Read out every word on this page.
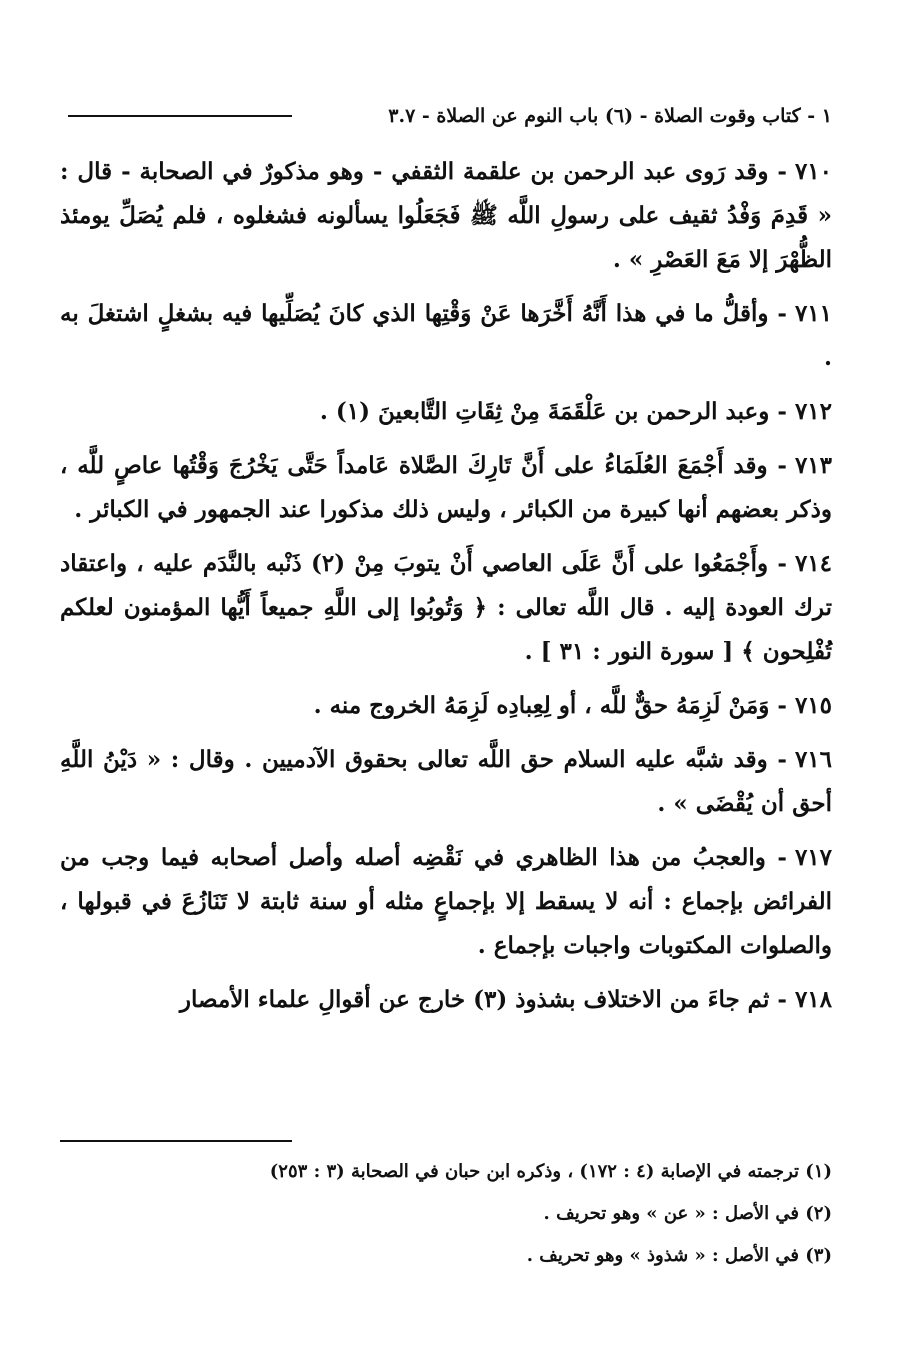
١ - كتاب وقوت الصلاة - (٦) باب النوم عن الصلاة - ٣.٧

٧١٠- وقد رَوى عبد الرحمن بن علقمة الثقفي - وهو مذكورٌ في الصحابة - قال : « قَدِمَ وَفْدُ ثقيف على رسولِ اللَّه ﷺ فَجَعَلُوا يسألونه فشغلوه ، فلم يُصَلِّ يومئذ الظُّهْرَ إلا مَعَ العَصْرِ » .

٧١١- وأقلُّ ما في هذا أَنَّهُ أَخَّرَها عَنْ وَقْتِها الذي كانَ يُصَلِّيها فيه بشغلٍ اشتغلَ به .

٧١٢- وعبد الرحمن بن عَلْقَمَةَ مِنْ ثِقَاتِ التَّابعينَ (١) .

٧١٣- وقد أَجْمَعَ العُلَمَاءُ على أَنَّ تَارِكَ الصَّلاة عَامداً حَتَّى يَخْرُجَ وَقْتُها عاصٍ للَّه ، وذكر بعضهم أنها كبيرة من الكبائر ، وليس ذلك مذكورا عند الجمهور في الكبائر .

٧١٤- وأَجْمَعُوا على أَنَّ عَلَى العاصي أَنْ يتوبَ مِنْ (٢) ذَنْبه بالنَّدَم عليه ، واعتقاد ترك العودة إليه . قال اللَّه تعالى : ﴿ وَتُوبُوا إلى اللَّهِ جميعاً أَيُّها المؤمنون لعلكم تُفْلِحون ﴾ [ سورة النور : ٣١ ] .

٧١٥- وَمَنْ لَزِمَهُ حقٌّ للَّه ، أو لِعِبادِه لَزِمَهُ الخروج منه .

٧١٦- وقد شبَّه عليه السلام حق اللَّه تعالى بحقوق الآدميين . وقال : « دَيْنُ اللَّهِ أحق أن يُقْضَى » .

٧١٧- والعجبُ من هذا الظاهري في نَقْضِه أصله وأصل أصحابه فيما وجب من الفرائض بإجماع : أنه لا يسقط إلا بإجماعٍ مثله أو سنة ثابتة لا تَنَازُعَ في قبولها ، والصلوات المكتوبات واجبات بإجماع .

٧١٨- ثم جاءَ من الاختلاف بشذوذ (٣) خارج عن أقوالِ علماء الأمصار

(١) ترجمته في الإصابة (٤ : ١٧٢) ، وذكره ابن حبان في الصحابة (٣ : ٢٥٣)

(٢) في الأصل : « عن » وهو تحريف .

(٣) في الأصل : « شذوذ » وهو تحريف .
